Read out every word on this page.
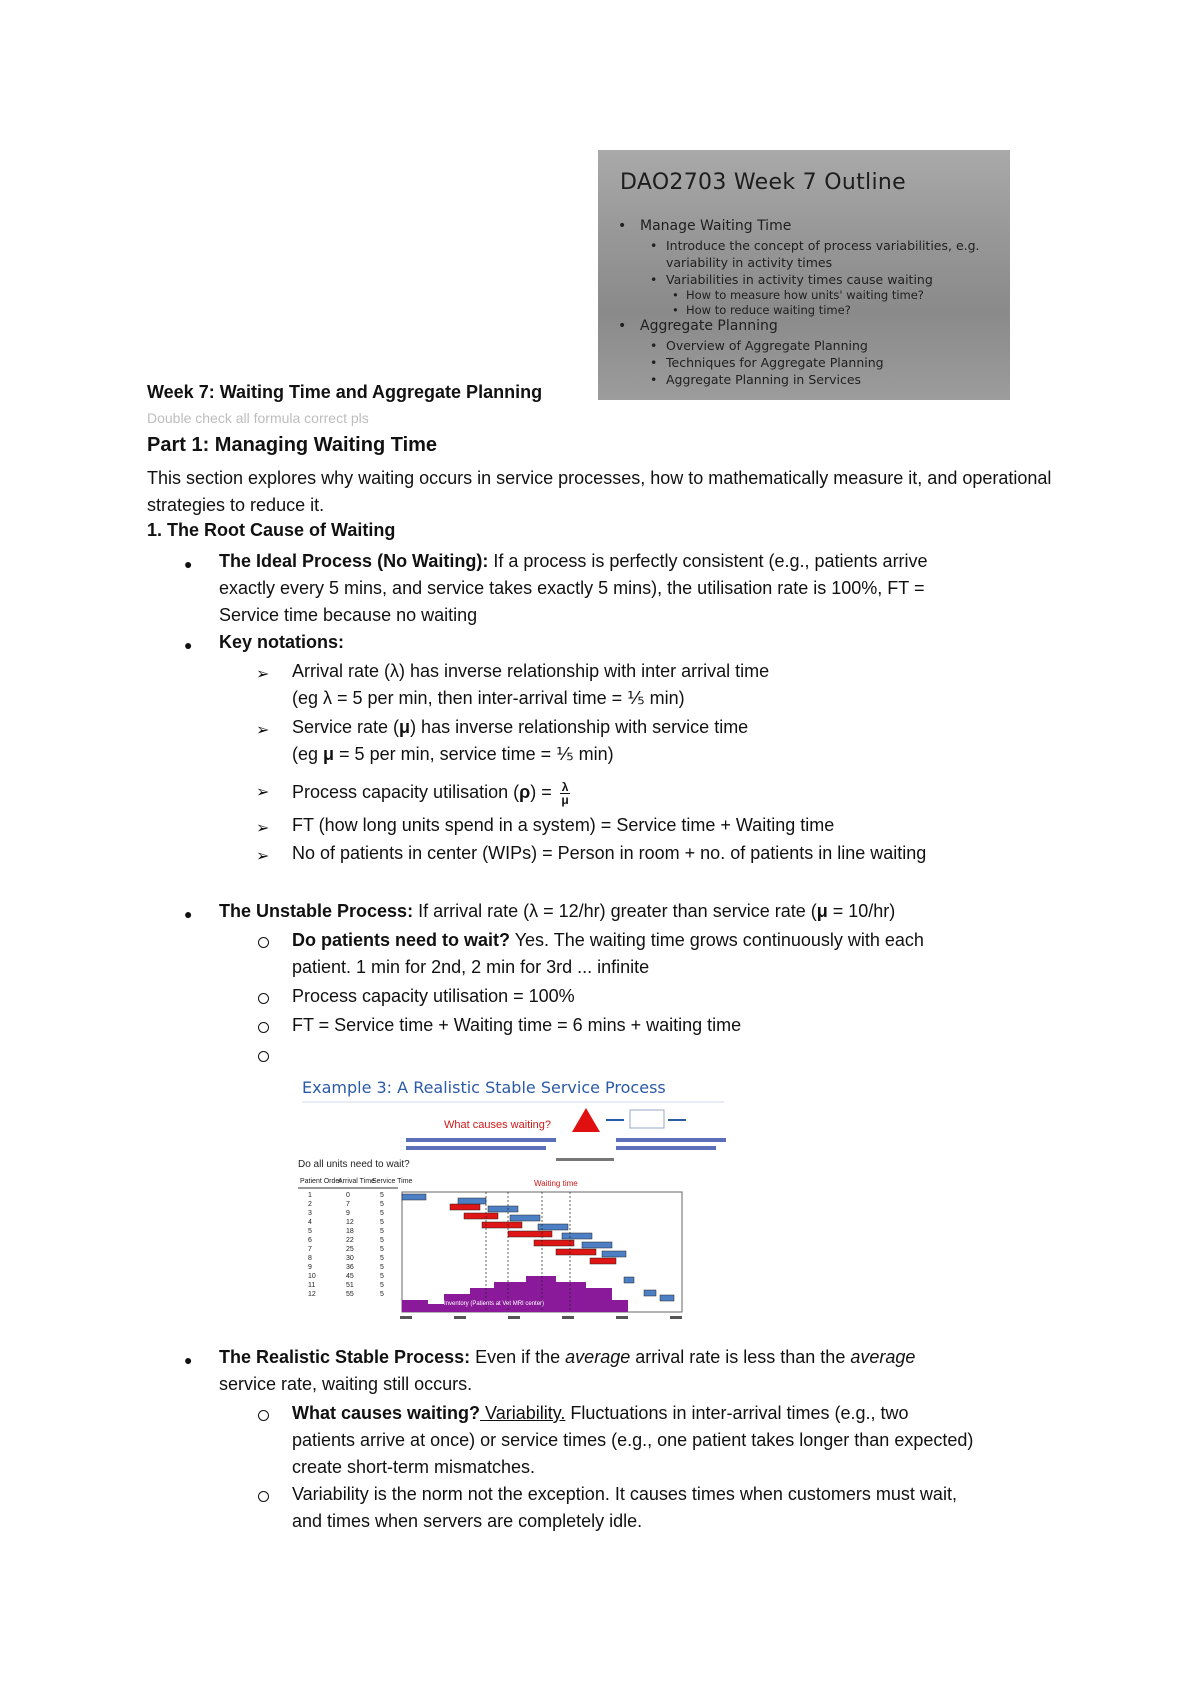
DAO2703 Week 7 Outline
• Manage Waiting Time
• Introduce the concept of process variabilities, e.g.
variability in activity times
• Variabilities in activity times cause waiting
• How to measure how units' waiting time?
• How to reduce waiting time?
• Aggregate Planning
• Overview of Aggregate Planning
• Techniques for Aggregate Planning
• Aggregate Planning in Services
Week 7: Waiting Time and Aggregate Planning
Double check all formula correct pls
Part 1: Managing Waiting Time
This section explores why waiting occurs in service processes, how to mathematically measure it, and operational strategies to reduce it.
1. The Root Cause of Waiting
● The Ideal Process (No Waiting): If a process is perfectly consistent (e.g., patients arrive
exactly every 5 mins, and service takes exactly 5 mins), the utilisation rate is 100%, FT =
Service time because no waiting
● Key notations:
➢ Arrival rate (λ) has inverse relationship with inter arrival time
(eg λ = 5 per min, then inter-arrival time = ⅕ min)
➢ Service rate (μ) has inverse relationship with service time
(eg μ = 5 per min, service time = ⅕ min)
➢ Process capacity utilisation $(\rho) = \frac{\lambda}{\mu}$
➢ FT (how long units spend in a system) = Service time + Waiting time
➢ No of patients in center (WIPs) = Person in room + no. of patients in line waiting
● The Unstable Process: If arrival rate (λ = 12/hr) greater than service rate (μ = 10/hr)
Do patients need to wait? Yes. The waiting time grows continuously with each
patient. 1 min for 2nd, 2 min for 3rd ... infinite
Process capacity utilisation = 100%
FT = Service time + Waiting time = 6 mins + waiting time
Example 3: A Realistic Stable Service Process
What causes waiting?
Do all units need to wait?
Patient Order
Arrival Time
Service Time
1	0	5
2	7	5
3	9	5
4	12	5
5	18	5
6	22	5
7	25	5
8	30	5
9	36	5
10	45	5
11	51	5
12	55	5
Waiting time
Inventory (Patients at Vet MRI center)
● The Realistic Stable Process: Even if the average arrival rate is less than the average
service rate, waiting still occurs.
What causes waiting? Variability. Fluctuations in inter-arrival times (e.g., two
patients arrive at once) or service times (e.g., one patient takes longer than expected)
create short-term mismatches.
Variability is the norm not the exception. It causes times when customers must wait,
and times when servers are completely idle.
